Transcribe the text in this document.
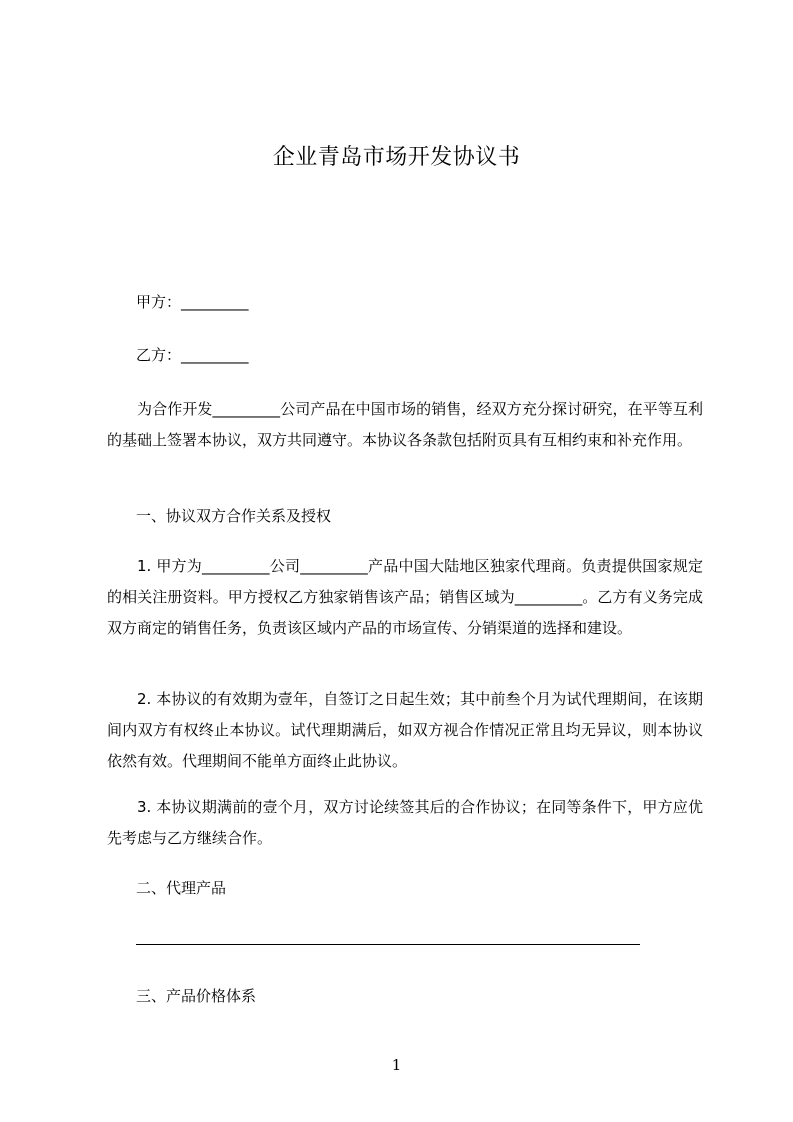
企业青岛市场开发协议书
甲方：_________
乙方：_________
为合作开发_________公司产品在中国市场的销售，经双方充分探讨研究，在平等互利的基础上签署本协议，双方共同遵守。本协议各条款包括附页具有互相约束和补充作用。
一、协议双方合作关系及授权
1. 甲方为_________公司_________产品中国大陆地区独家代理商。负责提供国家规定的相关注册资料。甲方授权乙方独家销售该产品；销售区域为_________。乙方有义务完成双方商定的销售任务，负责该区域内产品的市场宣传、分销渠道的选择和建设。
2. 本协议的有效期为壹年，自签订之日起生效；其中前叁个月为试代理期间，在该期间内双方有权终止本协议。试代理期满后，如双方视合作情况正常且均无异议，则本协议依然有效。代理期间不能单方面终止此协议。
3. 本协议期满前的壹个月，双方讨论续签其后的合作协议；在同等条件下，甲方应优先考虑与乙方继续合作。
二、代理产品
三、产品价格体系
1
